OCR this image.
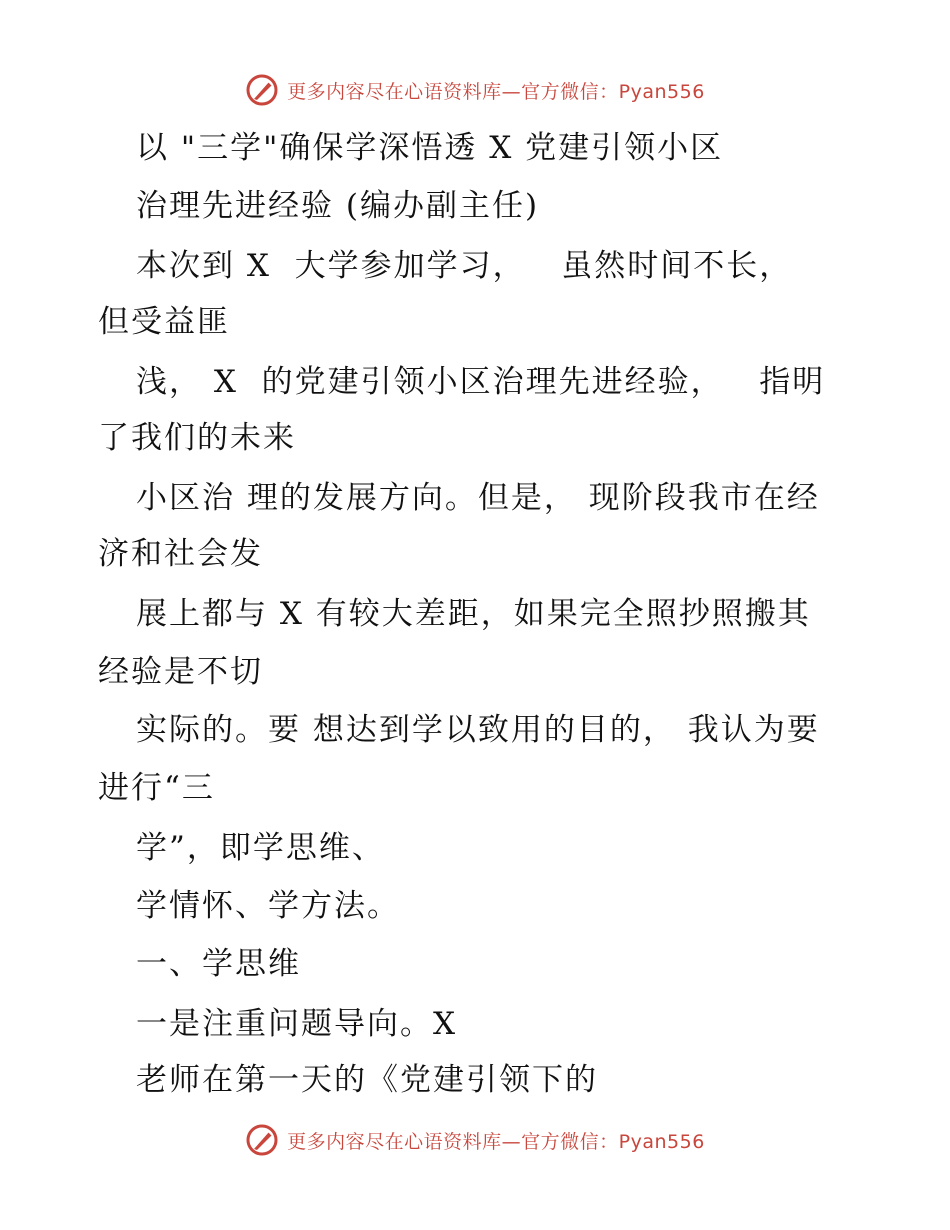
更多内容尽在心语资料库—官方微信：Pyan556
以 "三学"确保学深悟透 X 党建引领小区
治理先进经验 (编办副主任)
本次到 X  大学参加学习，   虽然时间不长，
但受益匪
浅， X  的党建引领小区治理先进经验，   指明
了我们的未来
小区治 理的发展方向。但是， 现阶段我市在经
济和社会发
展上都与 X 有较大差距，如果完全照抄照搬其
经验是不切
实际的。要 想达到学以致用的目的， 我认为要
进行“三
学”，即学思维、
学情怀、学方法。
一、学思维
一是注重问题导向。X
老师在第一天的《党建引领下的
更多内容尽在心语资料库—官方微信：Pyan556
